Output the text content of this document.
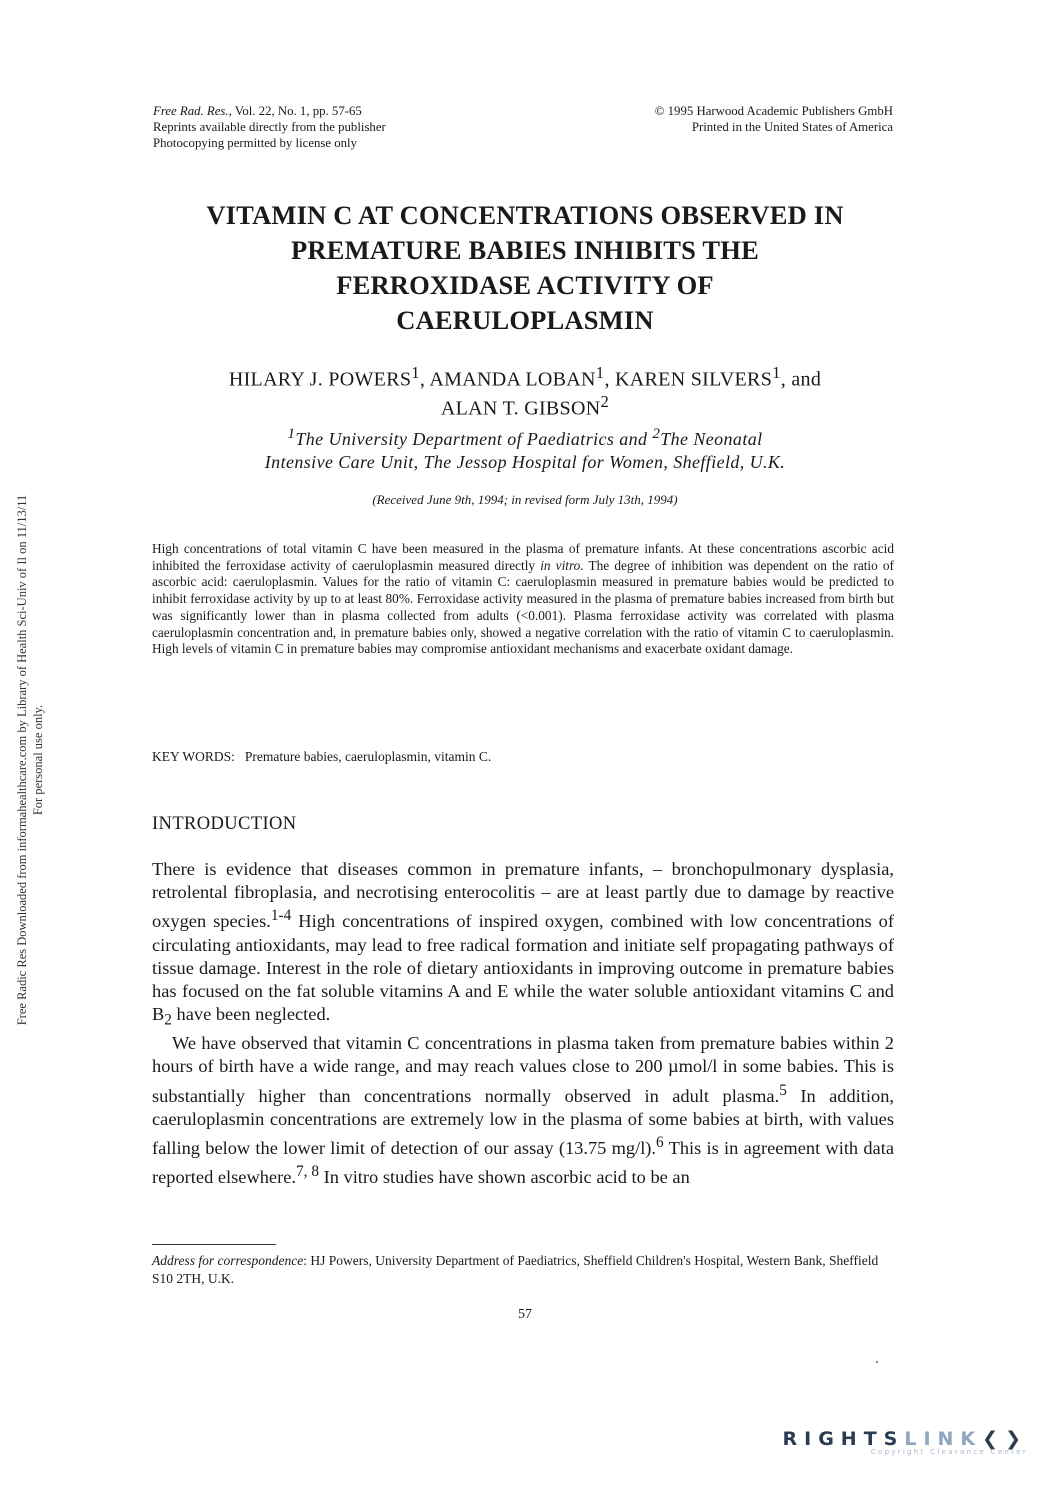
Free Radic Res Downloaded from informahealthcare.com by Library of Health Sci-Univ of Il on 11/13/11 For personal use only.
Free Rad. Res., Vol. 22, No. 1, pp. 57-65
Reprints available directly from the publisher
Photocopying permitted by license only
© 1995 Harwood Academic Publishers GmbH
Printed in the United States of America
VITAMIN C AT CONCENTRATIONS OBSERVED IN
PREMATURE BABIES INHIBITS THE
FERROXIDASE ACTIVITY OF
CAERULOPLASMIN
HILARY J. POWERS$^1$, AMANDA LOBAN$^1$, KAREN SILVERS$^1$, and
ALAN T. GIBSON$^2$
$^1$The University Department of Paediatrics and $^2$The Neonatal
Intensive Care Unit, The Jessop Hospital for Women, Sheffield, U.K.
(Received June 9th, 1994; in revised form July 13th, 1994)
High concentrations of total vitamin C have been measured in the plasma of premature infants. At these concentrations ascorbic acid inhibited the ferroxidase activity of caeruloplasmin measured directly in vitro. The degree of inhibition was dependent on the ratio of ascorbic acid: caeruloplasmin. Values for the ratio of vitamin C: caeruloplasmin measured in premature babies would be predicted to inhibit ferroxidase activity by up to at least 80%. Ferroxidase activity measured in the plasma of premature babies increased from birth but was significantly lower than in plasma collected from adults (<0.001). Plasma ferroxidase activity was correlated with plasma caeruloplasmin concentration and, in premature babies only, showed a negative correlation with the ratio of vitamin C to caeruloplasmin. High levels of vitamin C in premature babies may compromise antioxidant mechanisms and exacerbate oxidant damage.
KEY WORDS: Premature babies, caeruloplasmin, vitamin C.
INTRODUCTION

There is evidence that diseases common in premature infants, – bronchopulmonary dysplasia, retrolental fibroplasia, and necrotising enterocolitis – are at least partly due to damage by reactive oxygen species.$^{1-4}$ High concentrations of inspired oxygen, combined with low concentrations of circulating antioxidants, may lead to free radical formation and initiate self propagating pathways of tissue damage. Interest in the role of dietary antioxidants in improving outcome in premature babies has focused on the fat soluble vitamins A and E while the water soluble antioxidant vitamins C and $B_2$ have been neglected.

We have observed that vitamin C concentrations in plasma taken from premature babies within 2 hours of birth have a wide range, and may reach values close to 200 µmol/l in some babies. This is substantially higher than concentrations normally observed in adult plasma.$^5$ In addition, caeruloplasmin concentrations are extremely low in the plasma of some babies at birth, with values falling below the lower limit of detection of our assay (13.75 mg/l).$^6$ This is in agreement with data reported elsewhere.$^{7, 8}$ In vitro studies have shown ascorbic acid to be an

Address for correspondence: HJ Powers, University Department of Paediatrics, Sheffield Children's Hospital, Western Bank, Sheffield S10 2TH, U.K.
57
RIGHTSLINK❮❯
Copyright Clearance Center
